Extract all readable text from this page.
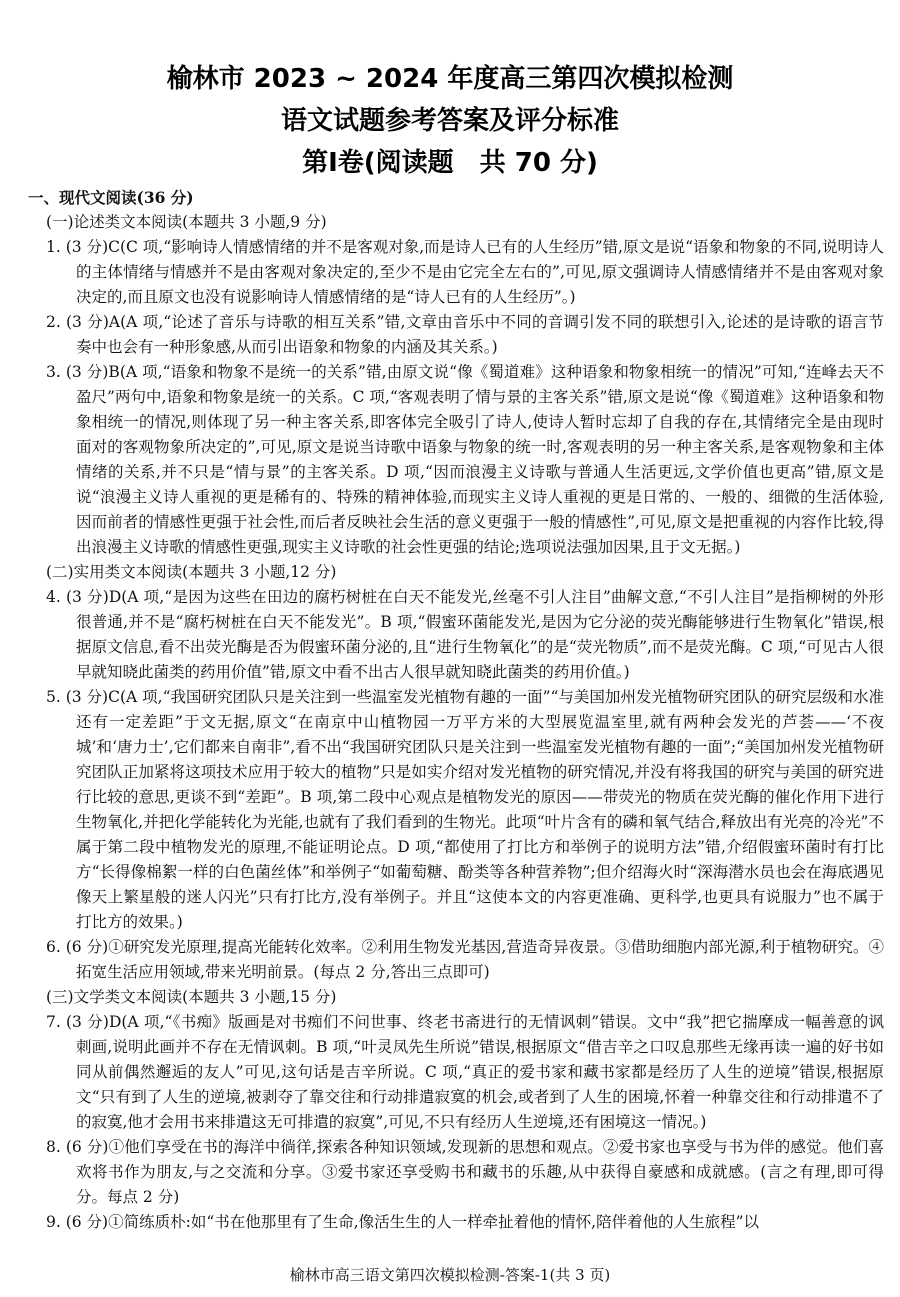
榆林市 2023 ~ 2024 年度高三第四次模拟检测
语文试题参考答案及评分标准
第Ⅰ卷(阅读题　共 70 分)

一、现代文阅读(36 分)

(一)论述类文本阅读(本题共 3 小题,9 分)

1. (3 分)C(C 项,“影响诗人情感情绪的并不是客观对象,而是诗人已有的人生经历”错,原文是说“语象和物象的不同,说明诗人的主体情绪与情感并不是由客观对象决定的,至少不是由它完全左右的”,可见,原文强调诗人情感情绪并不是由客观对象决定的,而且原文也没有说影响诗人情感情绪的是“诗人已有的人生经历”。)

2. (3 分)A(A 项,“论述了音乐与诗歌的相互关系”错,文章由音乐中不同的音调引发不同的联想引入,论述的是诗歌的语言节奏中也会有一种形象感,从而引出语象和物象的内涵及其关系。)

3. (3 分)B(A 项,“语象和物象不是统一的关系”错,由原文说“像《蜀道难》这种语象和物象相统一的情况”可知,“连峰去天不盈尺”两句中,语象和物象是统一的关系。C 项,“客观表明了情与景的主客关系”错,原文是说“像《蜀道难》这种语象和物象相统一的情况,则体现了另一种主客关系,即客体完全吸引了诗人,使诗人暂时忘却了自我的存在,其情绪完全是由现时面对的客观物象所决定的”,可见,原文是说当诗歌中语象与物象的统一时,客观表明的另一种主客关系,是客观物象和主体情绪的关系,并不只是“情与景”的主客关系。D 项,“因而浪漫主义诗歌与普通人生活更远,文学价值也更高”错,原文是说“浪漫主义诗人重视的更是稀有的、特殊的精神体验,而现实主义诗人重视的更是日常的、一般的、细微的生活体验,因而前者的情感性更强于社会性,而后者反映社会生活的意义更强于一般的情感性”,可见,原文是把重视的内容作比较,得出浪漫主义诗歌的情感性更强,现实主义诗歌的社会性更强的结论;选项说法强加因果,且于文无据。)

(二)实用类文本阅读(本题共 3 小题,12 分)

4. (3 分)D(A 项,“是因为这些在田边的腐朽树桩在白天不能发光,丝毫不引人注目”曲解文意,“不引人注目”是指柳树的外形很普通,并不是“腐朽树桩在白天不能发光”。B 项,“假蜜环菌能发光,是因为它分泌的荧光酶能够进行生物氧化”错误,根据原文信息,看不出荧光酶是否为假蜜环菌分泌的,且“进行生物氧化”的是“荧光物质”,而不是荧光酶。C 项,“可见古人很早就知晓此菌类的药用价值”错,原文中看不出古人很早就知晓此菌类的药用价值。)

5. (3 分)C(A 项,“我国研究团队只是关注到一些温室发光植物有趣的一面”“与美国加州发光植物研究团队的研究层级和水准还有一定差距”于文无据,原文“在南京中山植物园一万平方米的大型展览温室里,就有两种会发光的芦荟——‘不夜城’和‘唐力士’,它们都来自南非”,看不出“我国研究团队只是关注到一些温室发光植物有趣的一面”;“美国加州发光植物研究团队正加紧将这项技术应用于较大的植物”只是如实介绍对发光植物的研究情况,并没有将我国的研究与美国的研究进行比较的意思,更谈不到“差距”。B 项,第二段中心观点是植物发光的原因——带荧光的物质在荧光酶的催化作用下进行生物氧化,并把化学能转化为光能,也就有了我们看到的生物光。此项“叶片含有的磷和氧气结合,释放出有光亮的冷光”不属于第二段中植物发光的原理,不能证明论点。D 项,“都使用了打比方和举例子的说明方法”错,介绍假蜜环菌时有打比方“长得像棉絮一样的白色菌丝体”和举例子“如葡萄糖、酚类等各种营养物”;但介绍海火时“深海潜水员也会在海底遇见像天上繁星般的迷人闪光”只有打比方,没有举例子。并且“这使本文的内容更准确、更科学,也更具有说服力”也不属于打比方的效果。)

6. (6 分)①研究发光原理,提高光能转化效率。②利用生物发光基因,营造奇异夜景。③借助细胞内部光源,利于植物研究。④拓宽生活应用领域,带来光明前景。(每点 2 分,答出三点即可)

(三)文学类文本阅读(本题共 3 小题,15 分)

7. (3 分)D(A 项,“《书痴》版画是对书痴们不问世事、终老书斋进行的无情讽刺”错误。文中“我”把它揣摩成一幅善意的讽刺画,说明此画并不存在无情讽刺。B 项,“叶灵凤先生所说”错误,根据原文“借吉辛之口叹息那些无缘再读一遍的好书如同从前偶然邂逅的友人”可见,这句话是吉辛所说。C 项,“真正的爱书家和藏书家都是经历了人生的逆境”错误,根据原文“只有到了人生的逆境,被剥夺了靠交往和行动排遣寂寞的机会,或者到了人生的困境,怀着一种靠交往和行动排遣不了的寂寞,他才会用书来排遣这无可排遣的寂寞”,可见,不只有经历人生逆境,还有困境这一情况。)

8. (6 分)①他们享受在书的海洋中徜徉,探索各种知识领域,发现新的思想和观点。②爱书家也享受与书为伴的感觉。他们喜欢将书作为朋友,与之交流和分享。③爱书家还享受购书和藏书的乐趣,从中获得自豪感和成就感。(言之有理,即可得分。每点 2 分)

9. (6 分)①简练质朴:如“书在他那里有了生命,像活生生的人一样牵扯着他的情怀,陪伴着他的人生旅程”以

榆林市高三语文第四次模拟检测-答案-1(共 3 页)
